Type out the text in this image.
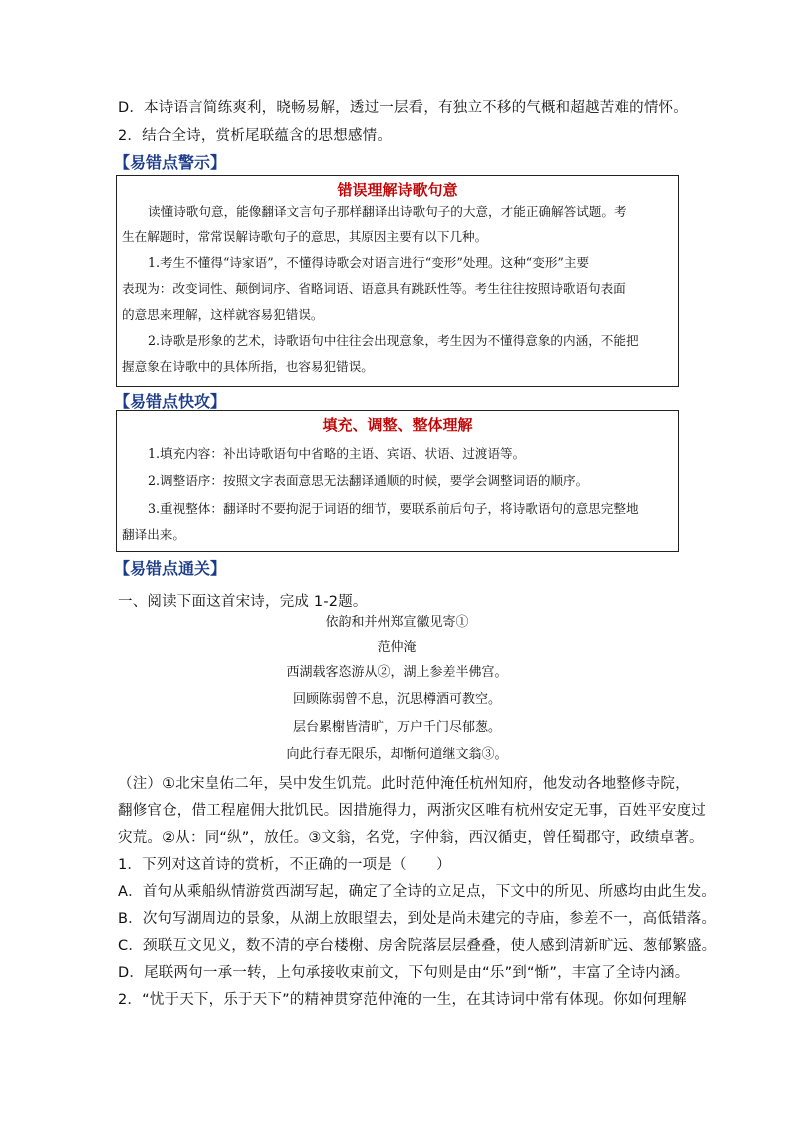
D．本诗语言简练爽利，晓畅易解，透过一层看，有独立不移的气概和超越苦难的情怀。
2．结合全诗，赏析尾联蕴含的思想感情。
【易错点警示】
错误理解诗歌句意
读懂诗歌句意，能像翻译文言句子那样翻译出诗歌句子的大意，才能正确解答试题。考
生在解题时，常常误解诗歌句子的意思，其原因主要有以下几种。
1.考生不懂得“诗家语”，不懂得诗歌会对语言进行“变形”处理。这种“变形”主要
表现为：改变词性、颠倒词序、省略词语、语意具有跳跃性等。考生往往按照诗歌语句表面
的意思来理解，这样就容易犯错误。
2.诗歌是形象的艺术，诗歌语句中往往会出现意象，考生因为不懂得意象的内涵，不能把
握意象在诗歌中的具体所指，也容易犯错误。
【易错点快攻】
填充、调整、整体理解
1.填充内容：补出诗歌语句中省略的主语、宾语、状语、过渡语等。
2.调整语序：按照文字表面意思无法翻译通顺的时候，要学会调整词语的顺序。
3.重视整体：翻译时不要拘泥于词语的细节，要联系前后句子，将诗歌语句的意思完整地
翻译出来。
【易错点通关】
一、阅读下面这首宋诗，完成 1-2题。
依韵和并州郑宣徽见寄①
范仲淹
西湖载客恣游从②，湖上参差半佛宫。
回顾陈弱曾不息，沉思樽酒可教空。
层台累榭皆清旷，万户千门尽郁葱。
向此行春无限乐，却惭何道继文翁③。
（注）①北宋皇佑二年，吴中发生饥荒。此时范仲淹任杭州知府，他发动各地整修寺院，
翻修官仓，借工程雇佣大批饥民。因措施得力，两浙灾区唯有杭州安定无事，百姓平安度过
灾荒。②从：同“纵”，放任。③文翁，名党，字仲翁，西汉循吏，曾任蜀郡守，政绩卓著。
1．下列对这首诗的赏析，不正确的一项是（　　）
A．首句从乘船纵情游赏西湖写起，确定了全诗的立足点，下文中的所见、所感均由此生发。
B．次句写湖周边的景象，从湖上放眼望去，到处是尚未建完的寺庙，参差不一，高低错落。
C．颈联互文见义，数不清的亭台楼榭、房舍院落层层叠叠，使人感到清新旷远、葱郁繁盛。
D．尾联两句一承一转，上句承接收束前文，下句则是由“乐”到“惭”，丰富了全诗内涵。
2．“忧于天下，乐于天下”的精神贯穿范仲淹的一生，在其诗词中常有体现。你如何理解
